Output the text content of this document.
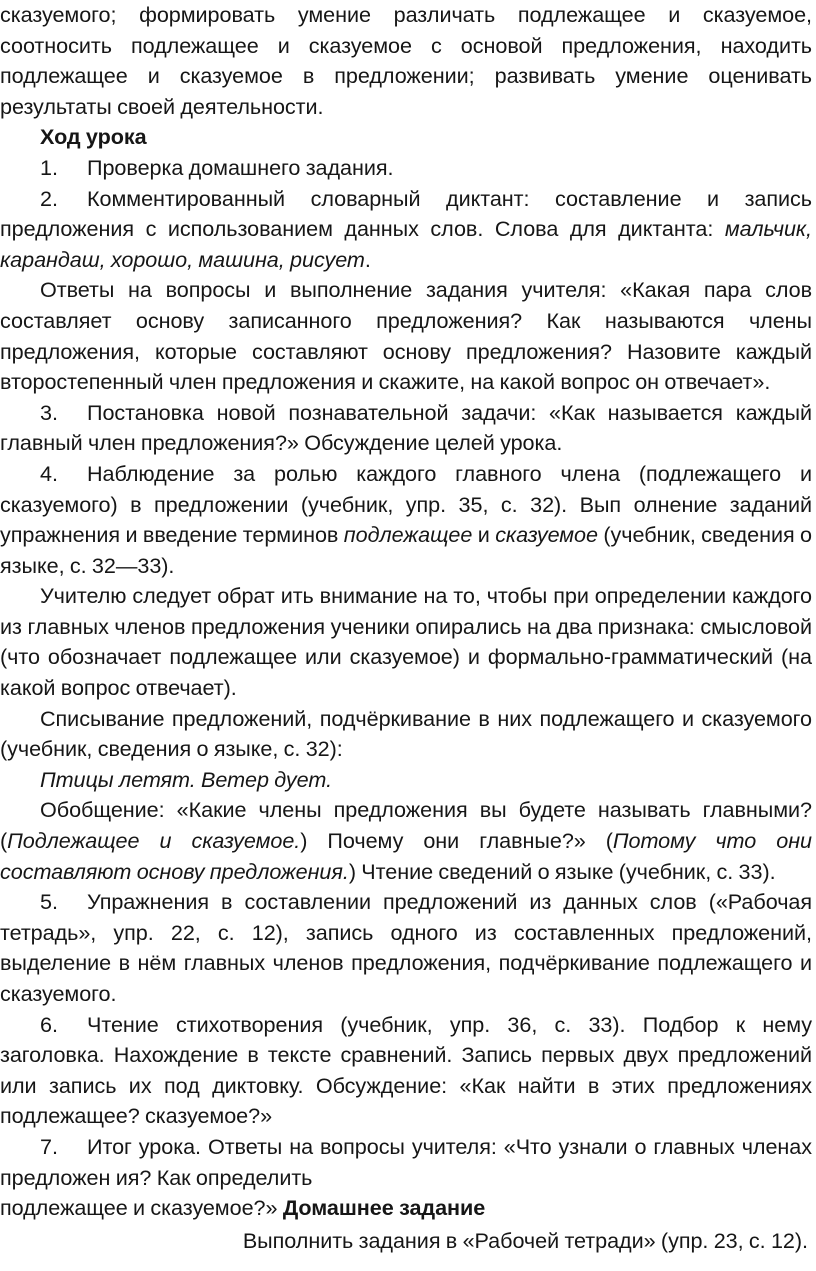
сказуемого; формировать умение различать подлежащее и сказуемое, соотносить подлежащее и сказуемое с основой предложения, находить подлежащее и сказуемое в предложении; развивать умение оценивать результаты своей деятельности.

Ход урока

1. Проверка домашнего задания.

2. Комментированный словарный диктант: составление и запись предложения с использованием данных слов. Слова для диктанта: мальчик, карандаш, хорошо, машина, рисует.

Ответы на вопросы и выполнение задания учителя: «Какая пара слов составляет основу записанного предложения? Как называются члены предложения, которые составляют основу предложения? Назовите каждый второстепенный член предложения и скажите, на какой вопрос он отвечает».

3. Постановка новой познавательной задачи: «Как называется каждый главный член предложения?» Обсуждение целей урока.

4. Наблюдение за ролью каждого главного члена (подлежащего и сказуемого) в предложении (учебник, упр. 35, с. 32). Вып олнение заданий упражнения и введение терминов подлежащее и сказуемое (учебник, сведения о языке, с. 32—33).

Учителю следует обрат ить внимание на то, чтобы при определении каждого из главных членов предложения ученики опирались на два признака: смысловой (что обозначает подлежащее или сказуемое) и формально-грамматический (на какой вопрос отвечает).

Списывание предложений, подчёркивание в них подлежащего и сказуемого (учебник, сведения о языке, с. 32):

Птицы летят. Ветер дует.

Обобщение: «Какие члены предложения вы будете называть главными? (Подлежащее и сказуемое.) Почему они главные?» (Потому что они составляют основу предложения.) Чтение сведений о языке (учебник, с. 33).

5. Упражнения в составлении предложений из данных слов («Рабочая тетрадь», упр. 22, с. 12), запись одного из составленных предложений, выделение в нём главных членов предложения, подчёркивание подлежащего и сказуемого.

6. Чтение стихотворения (учебник, упр. 36, с. 33). Подбор к нему заголовка. Нахождение в тексте сравнений. Запись первых двух предложений или запись их под диктовку. Обсуждение: «Как найти в этих предложениях подлежащее? сказуемое?»

7. Итог урока. Ответы на вопросы учителя: «Что узнали о главных членах предложен ия? Как определить

подлежащее и сказуемое?» Домашнее задание

Выполнить задания в «Рабочей тетради» (упр. 23, с. 12).
